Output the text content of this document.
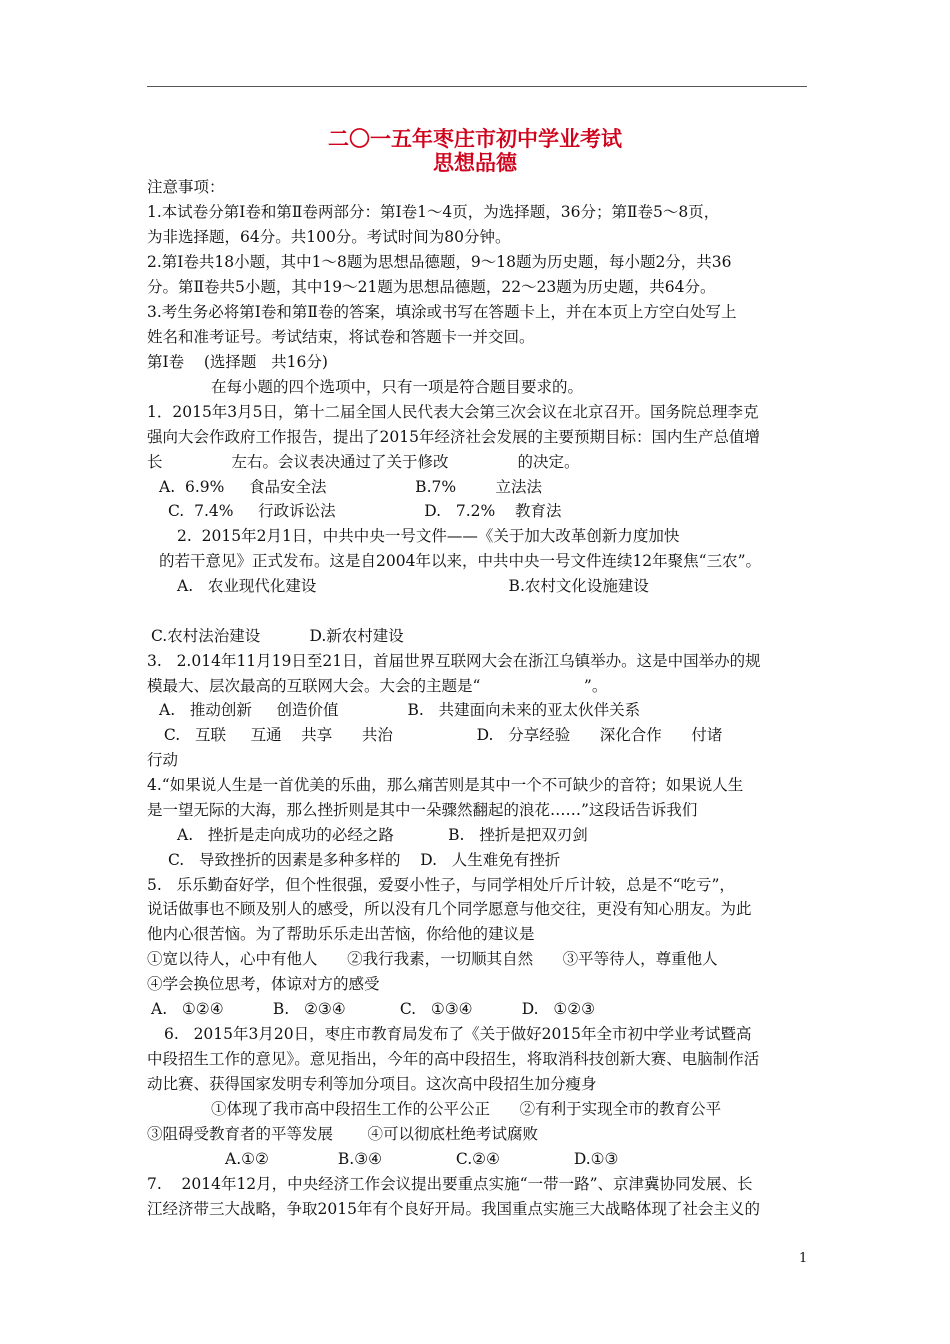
二〇一五年枣庄市初中学业考试
思想品德
注意事项：
1.本试卷分第Ⅰ卷和第Ⅱ卷两部分：第Ⅰ卷1～4页，为选择题，36分；第Ⅱ卷5～8页，
为非选择题，64分。共100分。考试时间为80分钟。
2.第Ⅰ卷共18小题，其中1～8题为思想品德题，9～18题为历史题，每小题2分，共36
分。第Ⅱ卷共5小题，其中19～21题为思想品德题，22～23题为历史题，共64分。
3.考生务必将第Ⅰ卷和第Ⅱ卷的答案，填涂或书写在答题卡上，并在本页上方空白处写上
姓名和准考证号。考试结束，将试卷和答题卡一并交回。
第Ⅰ卷    (选择题   共16分)
在每小题的四个选项中，只有一项是符合题目要求的。
1．2015年3月5日，第十二届全国人民代表大会第三次会议在北京召开。国务院总理李克
强向大会作政府工作报告，提出了2015年经济社会发展的主要预期目标：国内生产总值增
长              左右。会议表决通过了关于修改              的决定。
A.  6.9%     食品安全法                  B.7%        立法法
C.  7.4%     行政诉讼法                  D.   7.2%    教育法
2.  2015年2月1日，中共中央一号文件——《关于加大改革创新力度加快
的若干意见》正式发布。这是自2004年以来，中共中央一号文件连续12年聚焦“三农”。
A.   农业现代化建设                                       B.农村文化设施建设
C.农村法治建设          D.新农村建设
3.   2.014年11月19日至21日，首届世界互联网大会在浙江乌镇举办。这是中国举办的规
模最大、层次最高的互联网大会。大会的主题是“                     ”。
A.   推动创新     创造价值              B.   共建面向未来的亚太伙伴关系
C.   互联     互通    共享      共治                 D.   分享经验      深化合作      付诸
行动
4.“如果说人生是一首优美的乐曲，那么痛苦则是其中一个不可缺少的音符；如果说人生
是一望无际的大海，那么挫折则是其中一朵骤然翻起的浪花……”这段话告诉我们
A.   挫折是走向成功的必经之路           B.   挫折是把双刃剑
C.   导致挫折的因素是多种多样的    D.   人生难免有挫折
5.   乐乐勤奋好学，但个性很强，爱耍小性子，与同学相处斤斤计较，总是不“吃亏”，
说话做事也不顾及别人的感受，所以没有几个同学愿意与他交往，更没有知心朋友。为此
他内心很苦恼。为了帮助乐乐走出苦恼，你给他的建议是
①宽以待人，心中有他人      ②我行我素，一切顺其自然      ③平等待人，尊重他人
④学会换位思考，体谅对方的感受
A.   ①②④          B.   ②③④           C.   ①③④          D.   ①②③
6.   2015年3月20日，枣庄市教育局发布了《关于做好2015年全市初中学业考试暨高
中段招生工作的意见》。意见指出，今年的高中段招生，将取消科技创新大赛、电脑制作活
动比赛、获得国家发明专利等加分项目。这次高中段招生加分瘦身
①体现了我市高中段招生工作的公平公正      ②有利于实现全市的教育公平
③阻碍受教育者的平等发展       ④可以彻底杜绝考试腐败
A.①②              B.③④               C.②④               D.①③
7.    2014年12月，中央经济工作会议提出要重点实施“一带一路”、京津冀协同发展、长
江经济带三大战略，争取2015年有个良好开局。我国重点实施三大战略体现了社会主义的
1
